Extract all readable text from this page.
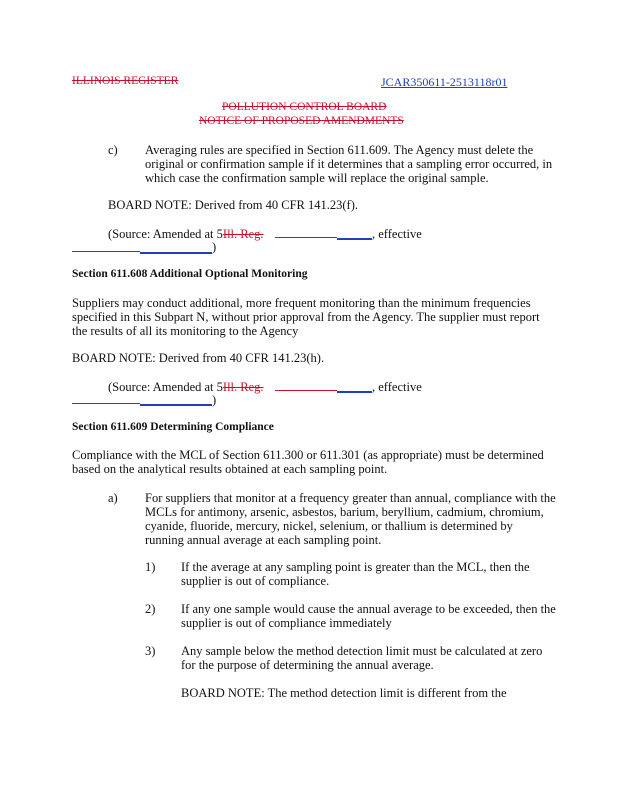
ILLINOIS REGISTER	JCAR350611-2513118r01
POLLUTION CONTROL BOARD
NOTICE OF PROPOSED AMENDMENTS
c) Averaging rules are specified in Section 611.609. The Agency must delete the
original or confirmation sample if it determines that a sampling error occurred, in
which case the confirmation sample will replace the original sample.
BOARD NOTE: Derived from 40 CFR 141.23(f).
(Source: Amended at 5Ill. Reg.	, effective
)
Section 611.608 Additional Optional Monitoring
Suppliers may conduct additional, more frequent monitoring than the minimum frequencies
specified in this Subpart N, without prior approval from the Agency. The supplier must report
the results of all its monitoring to the Agency
BOARD NOTE: Derived from 40 CFR 141.23(h).
(Source: Amended at 5Ill. Reg.	, effective
)
Section 611.609 Determining Compliance
Compliance with the MCL of Section 611.300 or 611.301 (as appropriate) must be determined
based on the analytical results obtained at each sampling point.
a) For suppliers that monitor at a frequency greater than annual, compliance with the
MCLs for antimony, arsenic, asbestos, barium, beryllium, cadmium, chromium,
cyanide, fluoride, mercury, nickel, selenium, or thallium is determined by
running annual average at each sampling point.
1) If the average at any sampling point is greater than the MCL, then the
supplier is out of compliance.
2) If any one sample would cause the annual average to be exceeded, then the
supplier is out of compliance immediately
3) Any sample below the method detection limit must be calculated at zero
for the purpose of determining the annual average.
BOARD NOTE: The method detection limit is different from the
